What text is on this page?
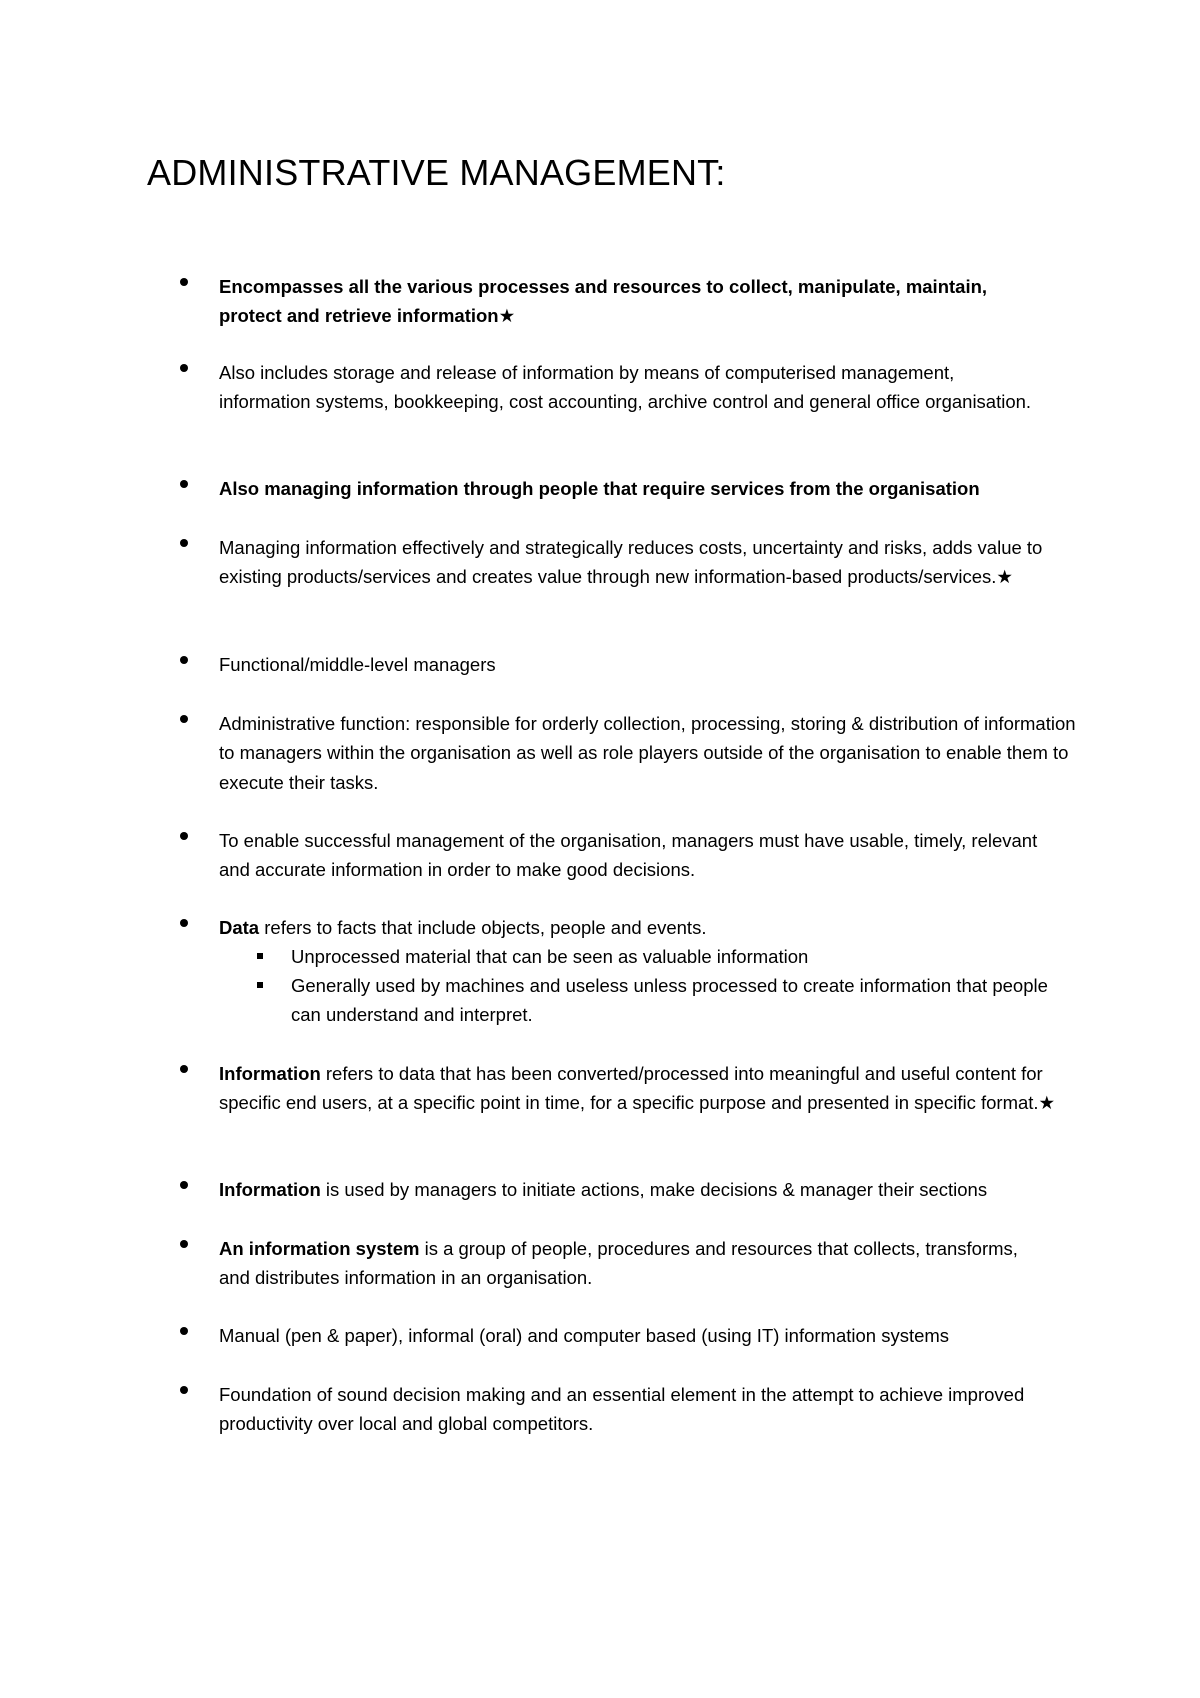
ADMINISTRATIVE MANAGEMENT:
Encompasses all the various processes and resources to collect, manipulate, maintain, protect and retrieve information★
Also includes storage and release of information by means of computerised management, information systems, bookkeeping, cost accounting, archive control and general office organisation.
Also managing information through people that require services from the organisation
Managing information effectively and strategically reduces costs, uncertainty and risks, adds value to existing products/services and creates value through new information-based products/services.★
Functional/middle-level managers
Administrative function: responsible for orderly collection, processing, storing & distribution of information to managers within the organisation as well as role players outside of the organisation to enable them to execute their tasks.
To enable successful management of the organisation, managers must have usable, timely, relevant and accurate information in order to make good decisions.
Data refers to facts that include objects, people and events.
Unprocessed material that can be seen as valuable information
Generally used by machines and useless unless processed to create information that people can understand and interpret.
Information refers to data that has been converted/processed into meaningful and useful content for specific end users, at a specific point in time, for a specific purpose and presented in specific format.★
Information is used by managers to initiate actions, make decisions & manager their sections
An information system is a group of people, procedures and resources that collects, transforms, and distributes information in an organisation.
Manual (pen & paper), informal (oral) and computer based (using IT) information systems
Foundation of sound decision making and an essential element in the attempt to achieve improved productivity over local and global competitors.
